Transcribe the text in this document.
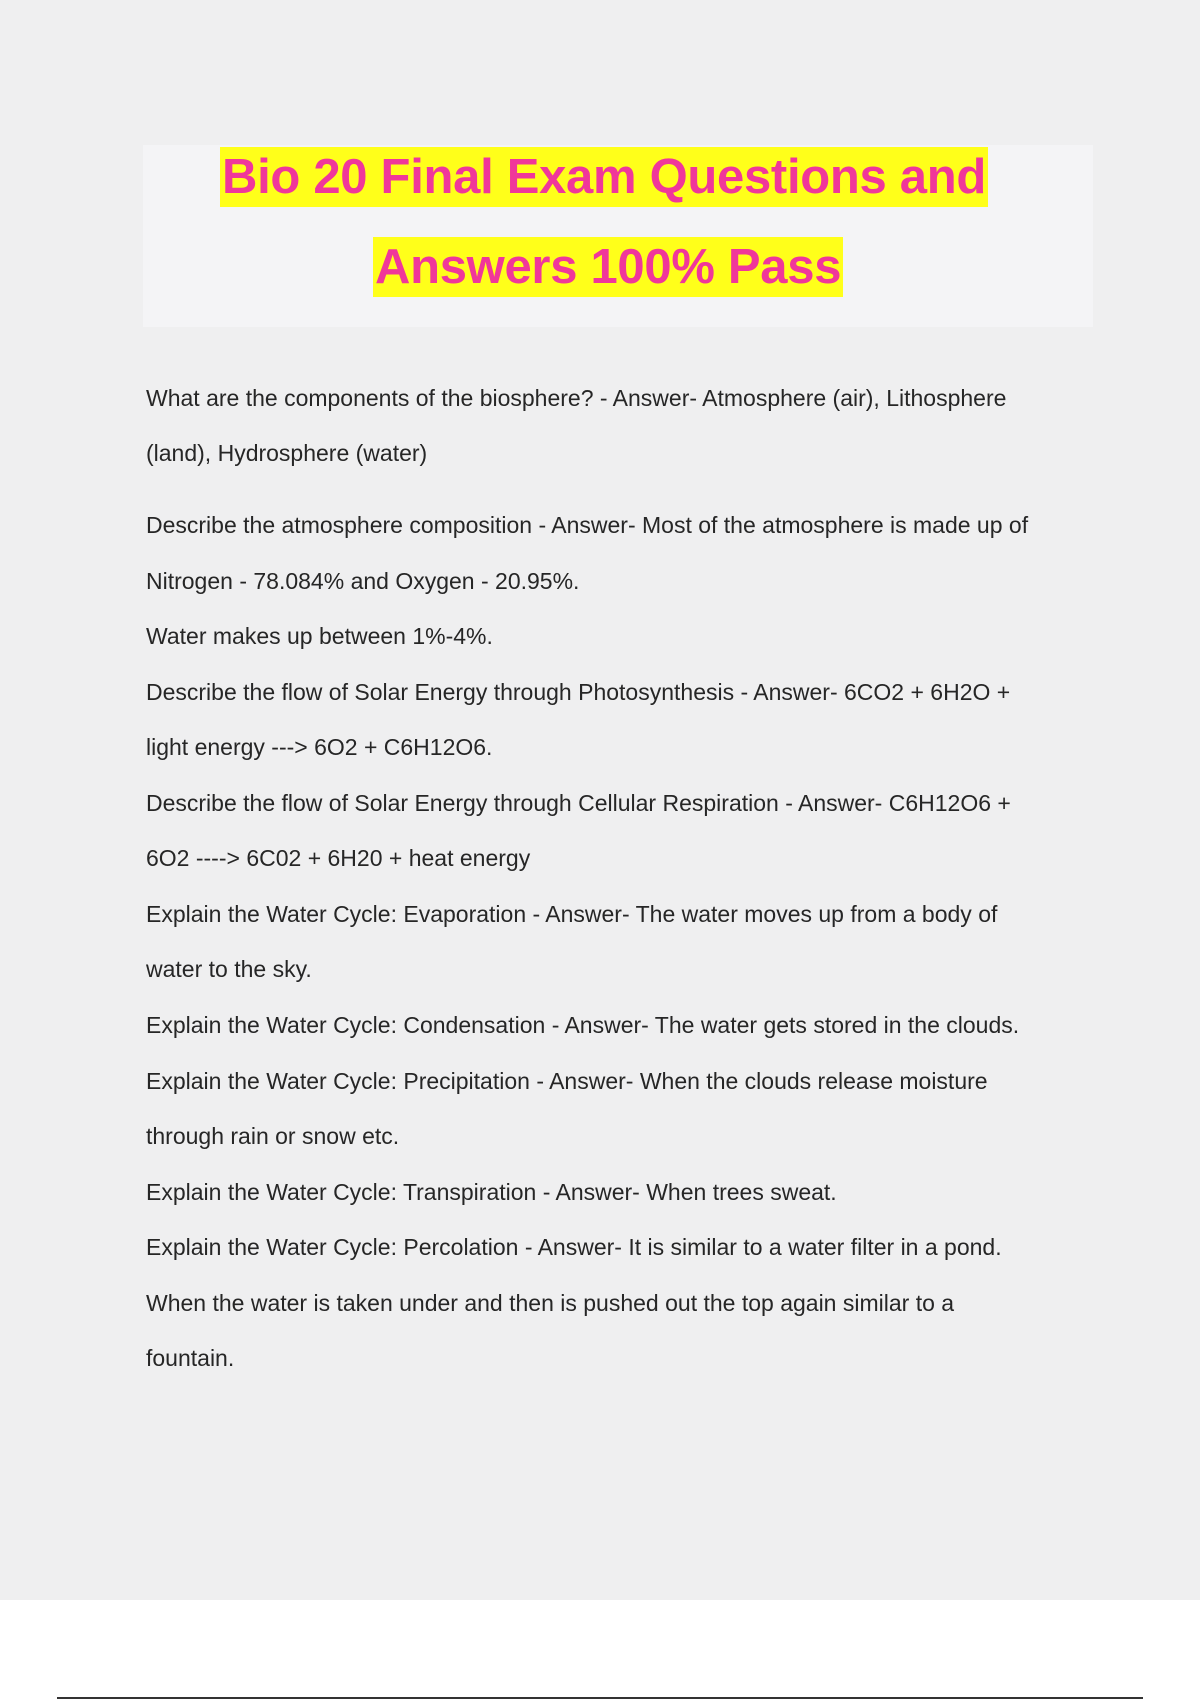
Bio 20 Final Exam Questions and
Answers 100% Pass
What are the components of the biosphere? - Answer- Atmosphere (air), Lithosphere
(land), Hydrosphere (water)
Describe the atmosphere composition - Answer- Most of the atmosphere is made up of
Nitrogen - 78.084% and Oxygen - 20.95%.
Water makes up between 1%-4%.
Describe the flow of Solar Energy through Photosynthesis - Answer- 6CO2 + 6H2O +
light energy ---> 6O2 + C6H12O6.
Describe the flow of Solar Energy through Cellular Respiration - Answer- C6H12O6 +
6O2 ----> 6C02 + 6H20 + heat energy
Explain the Water Cycle: Evaporation - Answer- The water moves up from a body of
water to the sky.
Explain the Water Cycle: Condensation - Answer- The water gets stored in the clouds.
Explain the Water Cycle: Precipitation - Answer- When the clouds release moisture
through rain or snow etc.
Explain the Water Cycle: Transpiration - Answer- When trees sweat.
Explain the Water Cycle: Percolation - Answer- It is similar to a water filter in a pond.
When the water is taken under and then is pushed out the top again similar to a
fountain.
